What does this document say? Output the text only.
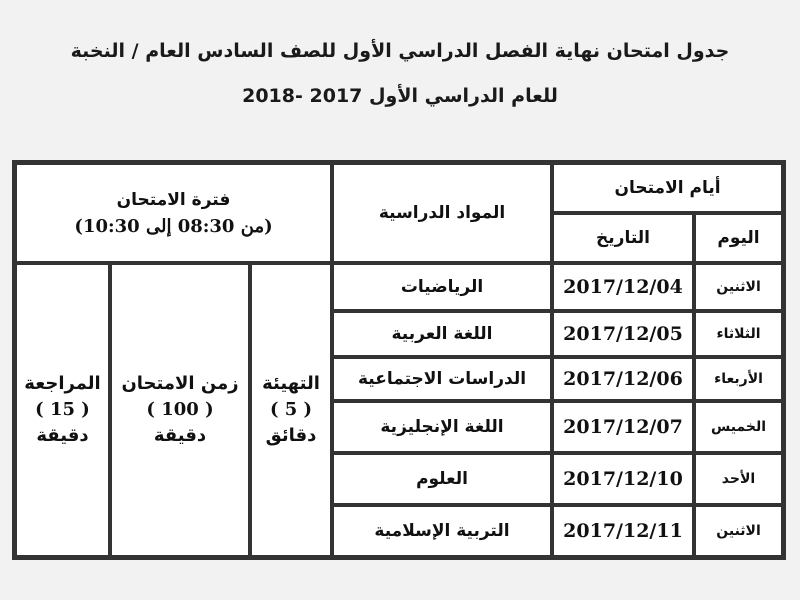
جدول امتحان نهاية الفصل الدراسي الأول للصف السادس العام / النخبة
للعام الدراسي الأول 2017 -2018
أيام الامتحان
اليوم
التاريخ
المواد الدراسية
فترة الامتحان
(من 08:30 إلى 10:30)
الاثنين
2017/12/04
الرياضيات
الثلاثاء
2017/12/05
اللغة العربية
الأربعاء
2017/12/06
الدراسات الاجتماعية
الخميس
2017/12/07
اللغة الإنجليزية
الأحد
2017/12/10
العلوم
الاثنين
2017/12/11
التربية الإسلامية
التهيئة
( 5 )
دقائق
زمن الامتحان
( 100 )
دقيقة
المراجعة
( 15 )
دقيقة
